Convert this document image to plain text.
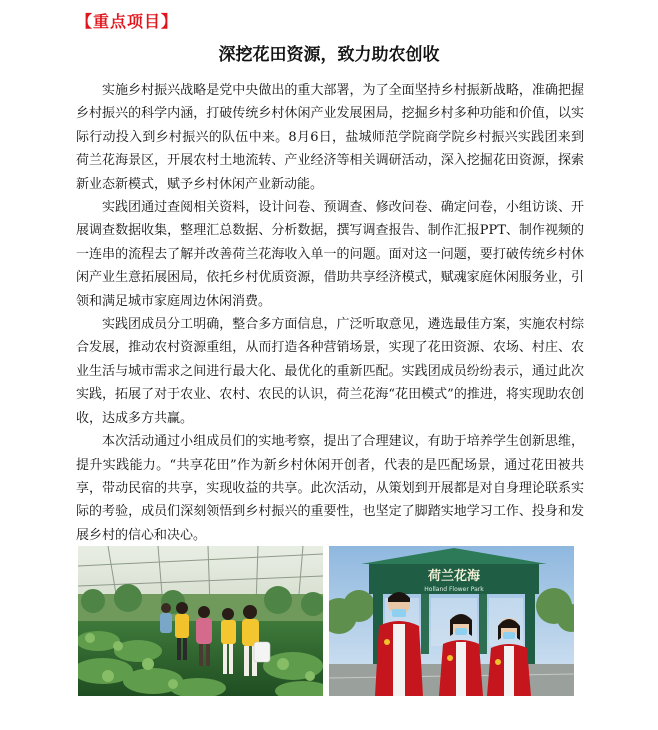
【重点项目】
深挖花田资源，致力助农创收

实施乡村振兴战略是党中央做出的重大部署，为了全面坚持乡村振新战略，准确把握乡村振兴的科学内涵，打破传统乡村休闲产业发展困局，挖掘乡村多种功能和价值，以实际行动投入到乡村振兴的队伍中来。8月6日，盐城师范学院商学院乡村振兴实践团来到荷兰花海景区，开展农村土地流转、产业经济等相关调研活动，深入挖掘花田资源，探索新业态新模式，赋予乡村休闲产业新动能。

实践团通过查阅相关资料，设计问卷、预调查、修改问卷、确定问卷，小组访谈、开展调查数据收集，整理汇总数据、分析数据，撰写调查报告、制作汇报PPT、制作视频的一连串的流程去了解并改善荷兰花海收入单一的问题。面对这一问题，要打破传统乡村休闲产业生意拓展困局，依托乡村优质资源，借助共享经济模式，赋魂家庭休闲服务业，引领和满足城市家庭周边休闲消费。

实践团成员分工明确，整合多方面信息，广泛听取意见，遴选最佳方案，实施农村综合发展，推动农村资源重组，从而打造各种营销场景，实现了花田资源、农场、村庄、农业生活与城市需求之间进行最大化、最优化的重新匹配。实践团成员纷纷表示，通过此次实践，拓展了对于农业、农村、农民的认识，荷兰花海“花田模式”的推进，将实现助农创收，达成多方共赢。

本次活动通过小组成员们的实地考察，提出了合理建议，有助于培养学生创新思维，提升实践能力。“共享花田”作为新乡村休闲开创者，代表的是匹配场景，通过花田被共享，带动民宿的共享，实现收益的共享。此次活动，从策划到开展都是对自身理论联系实际的考验，成员们深刻领悟到乡村振兴的重要性，也坚定了脚踏实地学习工作、投身和发展乡村的信心和决心。

荷兰花海
Holland Flower Park
